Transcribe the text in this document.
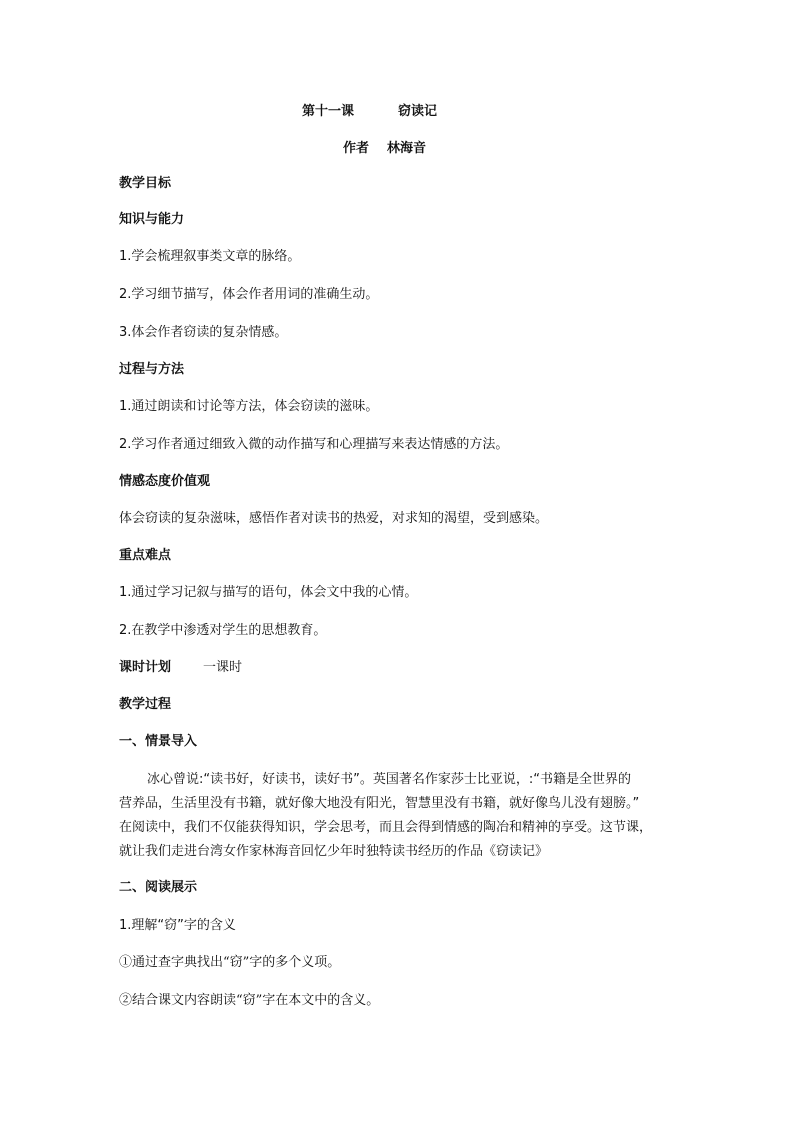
第十一课	窃读记
作者 林海音
教学目标
知识与能力
1.学会梳理叙事类文章的脉络。
2.学习细节描写，体会作者用词的准确生动。
3.体会作者窃读的复杂情感。
过程与方法
1.通过朗读和讨论等方法，体会窃读的滋味。
2.学习作者通过细致入微的动作描写和心理描写来表达情感的方法。
情感态度价值观
体会窃读的复杂滋味，感悟作者对读书的热爱，对求知的渴望，受到感染。
重点难点
1.通过学习记叙与描写的语句，体会文中我的心情。
2.在教学中渗透对学生的思想教育。
课时计划 一课时
教学过程
一、情景导入
冰心曾说:“读书好，好读书，读好书”。英国著名作家莎士比亚说，:“书籍是全世界的
营养品，生活里没有书籍，就好像大地没有阳光，智慧里没有书籍，就好像鸟儿没有翅膀。”
在阅读中，我们不仅能获得知识，学会思考，而且会得到情感的陶冶和精神的享受。这节课，
就让我们走进台湾女作家林海音回忆少年时独特读书经历的作品《窃读记》
二、阅读展示
1.理解“窃”字的含义
①通过查字典找出“窃”字的多个义项。
②结合课文内容朗读“窃”字在本文中的含义。
